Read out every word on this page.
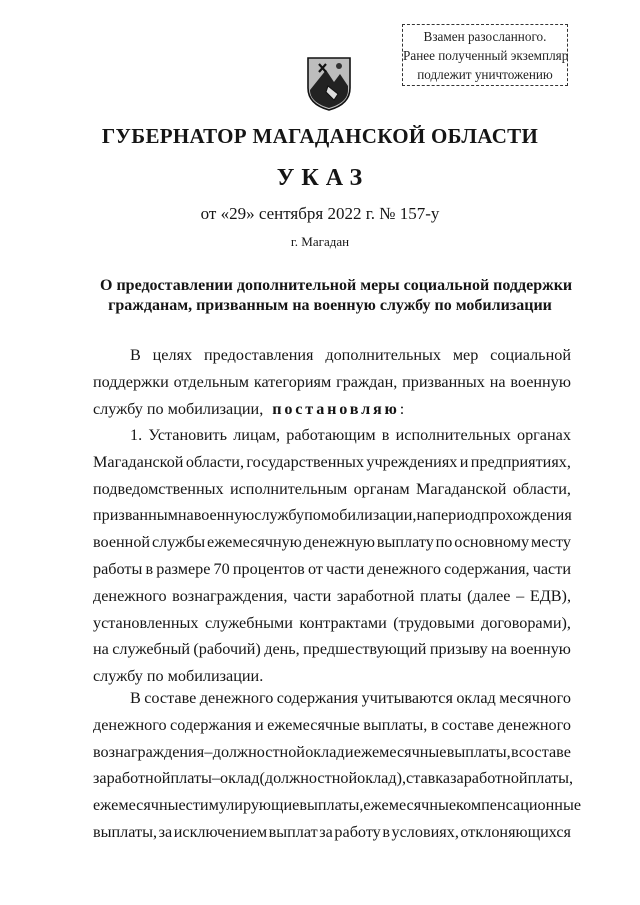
Взамен разосланного.
Ранее полученный экземпляр
подлежит уничтожению
ГУБЕРНАТОР МАГАДАНСКОЙ ОБЛАСТИ
УКАЗ
от «29» сентября 2022 г. № 157-у
г. Магадан
О предоставлении дополнительной меры социальной поддержки
гражданам, призванным на военную службу по мобилизации
В целях предоставления дополнительных мер социальной
поддержки отдельным категориям граждан, призванных на военную
службу по мобилизации, постановляю :
1. Установить лицам, работающим в исполнительных органах
Магаданской области, государственных учреждениях и предприятиях,
подведомственных исполнительным органам Магаданской области,
призванным на военную службу по мобилизации, на период прохождения
военной службы ежемесячную денежную выплату по основному месту
работы в размере 70 процентов от части денежного содержания, части
денежного вознаграждения, части заработной платы (далее – ЕДВ),
установленных служебными контрактами (трудовыми договорами),
на служебный (рабочий) день, предшествующий призыву на военную
службу по мобилизации.
В составе денежного содержания учитываются оклад месячного
денежного содержания и ежемесячные выплаты, в составе денежного
вознаграждения – должностной оклад и ежемесячные выплаты, в составе
заработной платы – оклад (должностной оклад), ставка заработной платы,
ежемесячные стимулирующие выплаты, ежемесячные компенсационные
выплаты, за исключением выплат за работу в условиях, отклоняющихся
